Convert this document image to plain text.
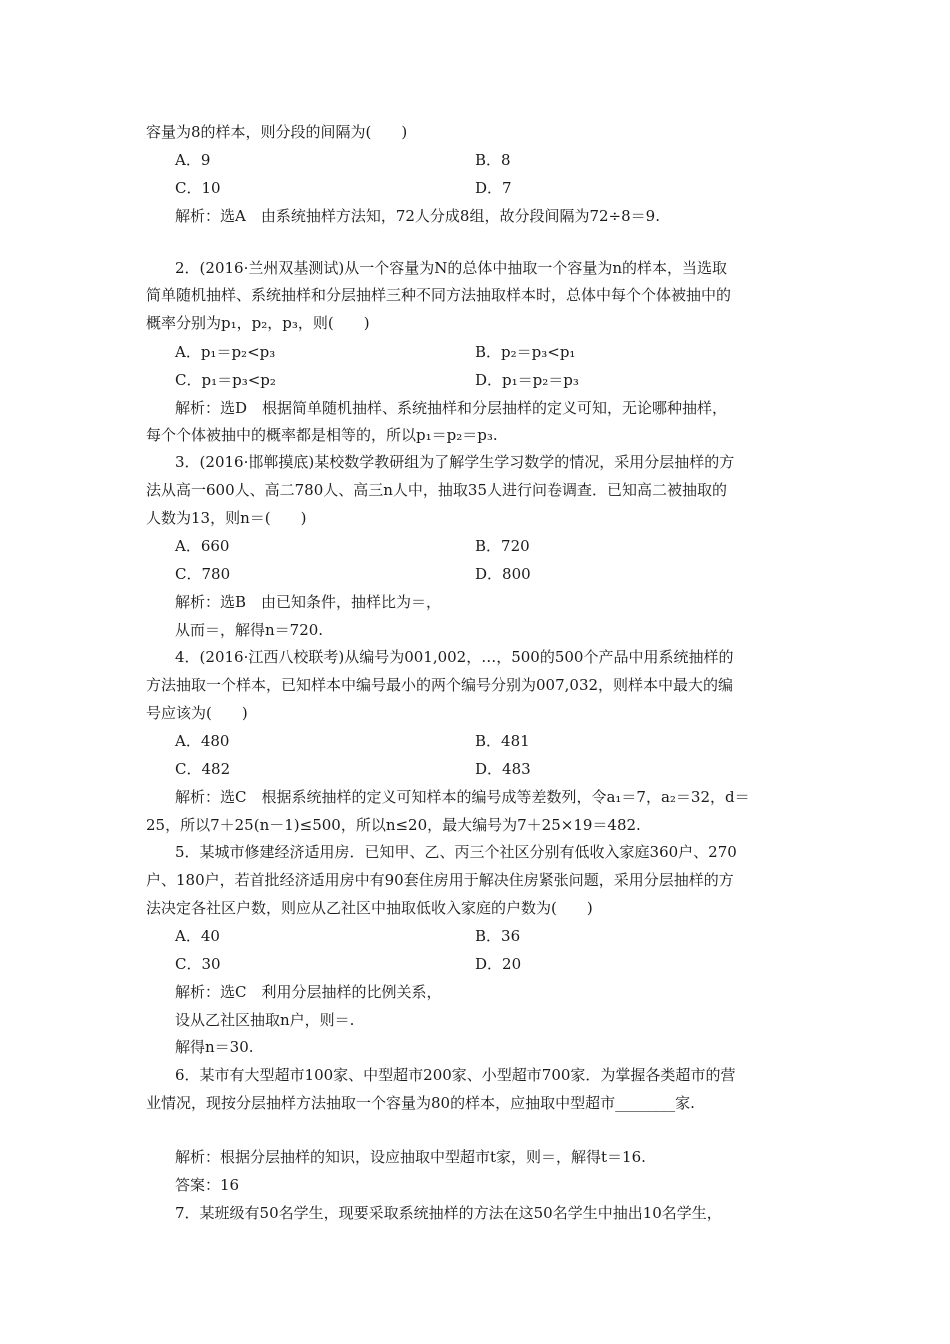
容量为8的样本，则分段的间隔为(　　)
A．9	B．8
C．10	D．7
解析：选A　由系统抽样方法知，72人分成8组，故分段间隔为72÷8＝9.
2．(2016·兰州双基测试)从一个容量为N的总体中抽取一个容量为n的样本，当选取
简单随机抽样、系统抽样和分层抽样三种不同方法抽取样本时，总体中每个个体被抽中的
概率分别为p₁，p₂，p₃，则(　　)
A．p₁＝p₂<p₃	B．p₂＝p₃<p₁
C．p₁＝p₃<p₂	D．p₁＝p₂＝p₃
解析：选D　根据简单随机抽样、系统抽样和分层抽样的定义可知，无论哪种抽样，
每个个体被抽中的概率都是相等的，所以p₁＝p₂＝p₃.
3．(2016·邯郸摸底)某校数学教研组为了解学生学习数学的情况，采用分层抽样的方
法从高一600人、高二780人、高三n人中，抽取35人进行问卷调查．已知高二被抽取的
人数为13，则n＝(　　)
A．660	B．720
C．780	D．800
解析：选B　由已知条件，抽样比为＝，
从而＝，解得n＝720.
4．(2016·江西八校联考)从编号为001,002，…，500的500个产品中用系统抽样的
方法抽取一个样本，已知样本中编号最小的两个编号分别为007,032，则样本中最大的编
号应该为(　　)
A．480	B．481
C．482	D．483
解析：选C　根据系统抽样的定义可知样本的编号成等差数列，令a₁＝7，a₂＝32，d＝
25，所以7＋25(n－1)≤500，所以n≤20，最大编号为7＋25×19＝482.
5．某城市修建经济适用房．已知甲、乙、丙三个社区分别有低收入家庭360户、270
户、180户，若首批经济适用房中有90套住房用于解决住房紧张问题，采用分层抽样的方
法决定各社区户数，则应从乙社区中抽取低收入家庭的户数为(　　)
A．40	B．36
C．30	D．20
解析：选C　利用分层抽样的比例关系，
设从乙社区抽取n户，则＝.
解得n＝30.
6．某市有大型超市100家、中型超市200家、小型超市700家．为掌握各类超市的营
业情况，现按分层抽样方法抽取一个容量为80的样本，应抽取中型超市________家.
解析：根据分层抽样的知识，设应抽取中型超市t家，则＝，解得t＝16.
答案：16
7．某班级有50名学生，现要采取系统抽样的方法在这50名学生中抽出10名学生，
